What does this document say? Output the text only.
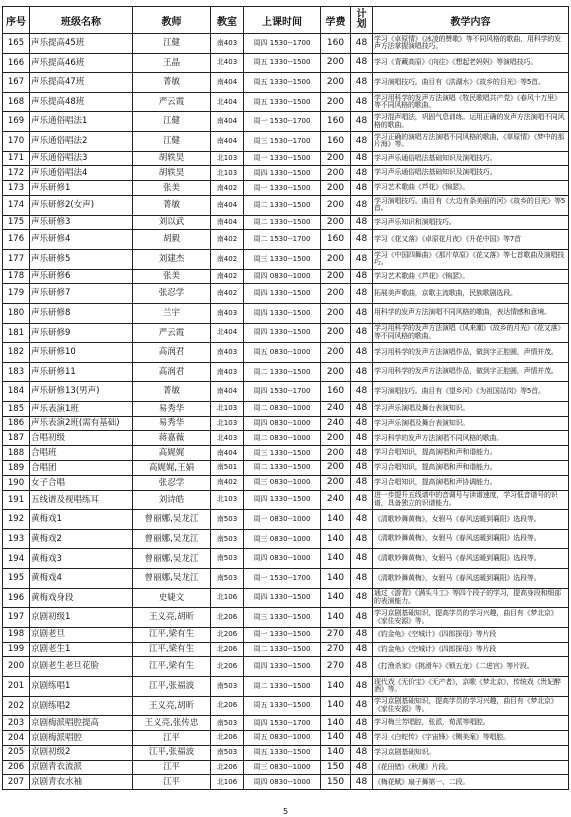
序号	班级名称	教师	教室	上课时间	学费	计划	教学内容
165	声乐提高45班	江健	南403	周四 1530--1700	160	48	学习《卓原情》《冰凌的赞歌》等不同风格的歌曲，用科学的发声方法掌握演唱技巧。
166	声乐提高46班	王晶	北403	周五 1330--1500	200	48	学习《青藏高原》《向往》《想起老妈妈》等演唱技巧。
167	声乐提高47班	菁敏	南404	周五 1330--1500	200	48	学习演唱技巧。曲目有《洪湖水》《故乡的目光》等5首。
168	声乐提高48班	严云霞	北404	周五 1330--1500	200	48	学习用科学的发声方法演唱《牧民歌唱共产党》《春风十万里》等不同风格的歌曲。
169	声乐通俗唱法1	江健	南404	周一 1530--1700	160	48	学习混声唱法，巩固气息训练。运用正确的发声方法演唱不同风格的歌曲。
170	声乐通俗唱法2	江健	南404	周三 1530--1700	160	48	学习正确的演唱方法演唱不同风格的歌曲，《草原情》《梦中的那片海》等。
171	声乐通俗唱法3	胡轶昊	北103	周一 1330--1500	200	48	学习声乐通俗唱法基础知识及演唱技巧。
172	声乐通俗唱法4	胡轶昊	北103	周四 1330--1500	200	48	学习声乐通俗唱法基础知识及演唱技巧。
173	声乐研修1	张美	南402	周一 1330--1500	200	48	学习艺术歌曲《芦花》《锦瑟》。
174	声乐研修2(女声)	菁敏	南404	周二 1330--1500	200	48	学习演唱技巧。曲目有《大边有条美丽的河》《故乡的目光》等5首。
175	声乐研修3	刘以武	南404	周二 1330--1500	200	48	学习声乐知识和演唱技巧。
176	声乐研修4	胡毅	南402	周二 1530--1700	160	48	学习《花又落》《卓原花月夜》《升花中国》等7首
177	声乐研修5	刘建杰	南402	周三 1330--1500	200	48	学习《中国四舞曲》《那片草原》《花又落》等七首歌曲及演唱技巧。
178	声乐研修6	张美	南402	周四 0830--1000	200	48	学习艺术歌曲《芦花》《锦瑟》。
179	声乐研修7	张忍学	南402	周四 1330--1500	200	48	拓展美声歌曲，京歌主流歌曲，民族歌剧选段。
180	声乐研修8	兰宇	南403	周四 1330--1500	200	48	用科学的发声方法演唱不同风格的歌曲，表达情感和意境。
181	声乐研修9	严云霞	北404	周四 1330--1500	200	48	学习用科学的发声方法演唱《风来潮》《故乡的月光》《花又落》等不同风格的歌曲。
182	声乐研修10	高润君	南403	周五 0830--1000	200	48	学习用科学的发声方法演唱作品，做到字正腔圆，声情并茂。
183	声乐研修11	高润君	南403	周二 1330--1500	200	48	学习用科学的发声方法演唱作品，做到字正腔圆，声情并茂。
184	声乐研修13(男声)	菁敏	南404	周四 1530--1700	160	48	学习演唱技巧。曲目有《望乡河》《为祖国站岗》等5首。
185	声乐表演1班	易秀华	北103	周二 0830--1000	240	48	学习声乐演唱及舞台表演知识。
186	声乐表演2班(需有基础)	易秀华	北103	周四 0830--1000	240	48	学习声乐演唱及舞台表演知识。
187	合唱初级	蒋嘉薇	北403	周二 0830--1000	200	48	学习科学的发声方法演唱不同风格的歌曲。
188	合唱班	高娓娓	南404	周三 1330--1500	200	48	学习合唱知识，提高演唱和声和谐能力。
189	合唱团	高娓娓,王娟	南501	周二 1330--1500	200	48	学习合唱知识，提高演唱和声和谐能力。
190	女子合唱	张忍学	南402	周三 0830--1000	200	48	学习合唱知识，提高演唱和声协调能力。
191	五线谱及视唱练耳	刘诗皓	北103	周四 1330--1500	240	48	进一步提升五线谱中的音调号与读谱速度，学习低音谱号的识谱，具备独立的识谱能力。
192	黄梅戏1	曾丽娜,吴龙江	南503	周一 0830--1000	140	48	《清歌妙舞黄梅》，女驸马《春风送暖到襄阳》选段等。
193	黄梅戏2	曾丽娜,吴龙江	南503	周三 0830--1000	140	48	《清歌妙舞黄梅》，女驸马《春风送暖到襄阳》选段等。
194	黄梅戏3	曾丽娜,吴龙江	南503	周四 0830--1000	140	48	《清歌妙舞黄梅》，女驸马《春风送暖到襄阳》选段等。
195	黄梅戏4	曾丽娜,吴龙江	南503	周一 1530--1700	140	48	《清歌妙舞黄梅》，女驸马《春风送暖到襄阳》选段等。
196	黄梅戏身段	史婕文	北106	周四 1330--1500	140	48	通过《游青》《满头斗工》等四个段子的学习，提高身段和细部的表演能力。
197	京剧初级1	王义亮,胡昕	北206	周三 1330--1500	140	48	学习京剧基础知识，提高学员的学习兴趣，曲目有《梦北京》《家住安源》等。
198	京剧老旦	江平,梁有生	北206	周一 1330--1500	270	48	《钓金龟》《空城计》《四郎探母》等片段
199	京剧老生1	江平,梁有生	北206	周二 1330--1500	270	48	《钓金龟》《空城计》《四郎探母》等片段
200	京剧老生老旦花脸	江平,梁有生	北206	周四 1330--1500	270	48	《打渔杀家》《挑滑车》《锁五龙》《二进宫》等片段。
201	京剧练唱1	江平,张福波	南503	周二 1330--1500	140	48	现代戏《无价宝》《无产者》，京歌《梦北京》，传统戏《贵妃醉酒》等。
202	京剧练唱2	王义亮,胡昕	北206	周五 1330--1500	140	48	学习京剧基础知识，提高学员的学习兴趣，曲目有《梦北京》《家住安源》等。
203	京剧梅派唱腔提高	王义亮,张传忠	南503	周四 1530--1700	140	48	学习梅兰芳唱腔，张派，荀派等唱腔。
204	京剧梅派唱腔	江平	北206	周五 0830--1000	140	48	学习《白蛇传》《宇宙锋》《铡美案》等唱腔。
205	京剧初级2	江平,张福波	南503	周五 1330--1500	140	48	学习京剧基础知识。
206	京剧青衣流派	江平	北206	周三 0830--1000	150	48	《花田错》《秋瑾》片段。
207	京剧青衣水袖	江平	北106	周四 0830--1000	150	48	《梅花赋》扇子舞第一、二段。
5
